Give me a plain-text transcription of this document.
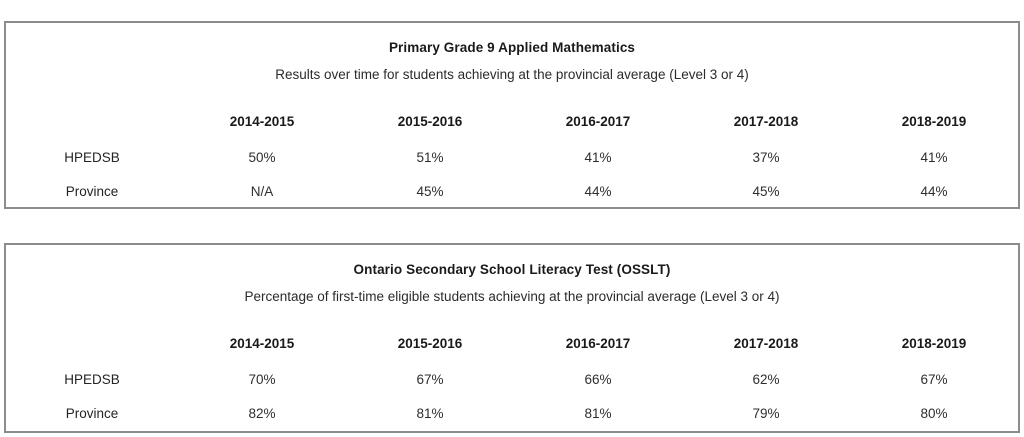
Primary Grade 9 Applied Mathematics

Results over time for students achieving at the provincial average (Level 3 or 4)

	2014-2015	2015-2016	2016-2017	2017-2018	2018-2019
HPEDSB	50%	51%	41%	37%	41%
Province	N/A	45%	44%	45%	44%
Ontario Secondary School Literacy Test (OSSLT)

Percentage of first-time eligible students achieving at the provincial average (Level 3 or 4)

	2014-2015	2015-2016	2016-2017	2017-2018	2018-2019
HPEDSB	70%	67%	66%	62%	67%
Province	82%	81%	81%	79%	80%
